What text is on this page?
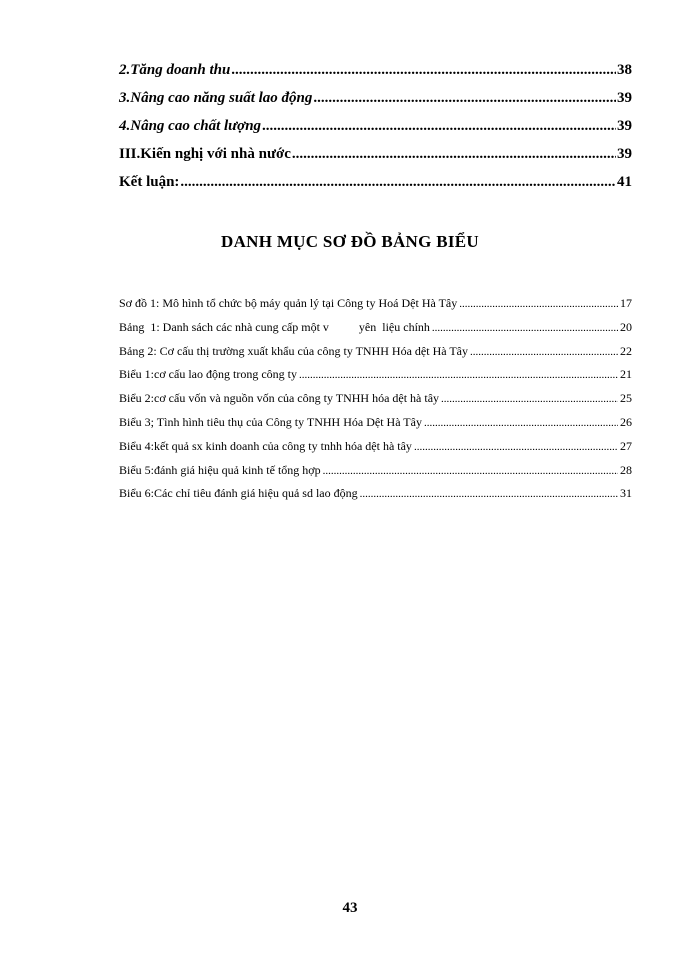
2.Tăng doanh thu .....	38
3.Nâng cao năng suất lao động .....	39
4.Nâng cao chất lượng .....	39
III.Kiến nghị với nhà nước .....	39
Kết luận: .....	41
DANH MỤC SƠ ĐỒ BẢNG BIỂU
Sơ đồ 1: Mô hình tổ chức bộ máy quản lý tại Công ty Hoá Dệt Hà Tây .....	17
Bảng  1: Danh sách các nhà cung cấp một v          yên  liệu chính .....	20
Bảng 2: Cơ cấu thị trường xuất khẩu của công ty TNHH Hóa dệt Hà Tây .....	22
Biểu 1:cơ cấu lao động trong công ty .....	21
Biểu 2:cơ cấu vốn và nguồn vốn của công ty TNHH hóa dệt hà tây .....	25
Biểu 3; Tình hình tiêu thụ của Công ty TNHH Hóa Dệt Hà Tây .....	26
Biểu 4:kết quả sx kinh doanh của công ty tnhh hóa dệt hà tây .....	27
Biểu 5:đánh giá hiệu quả kinh tế tổng hợp .....	28
Biểu 6:Các chỉ tiêu đánh giá hiệu quả sd lao động .....	31
43
